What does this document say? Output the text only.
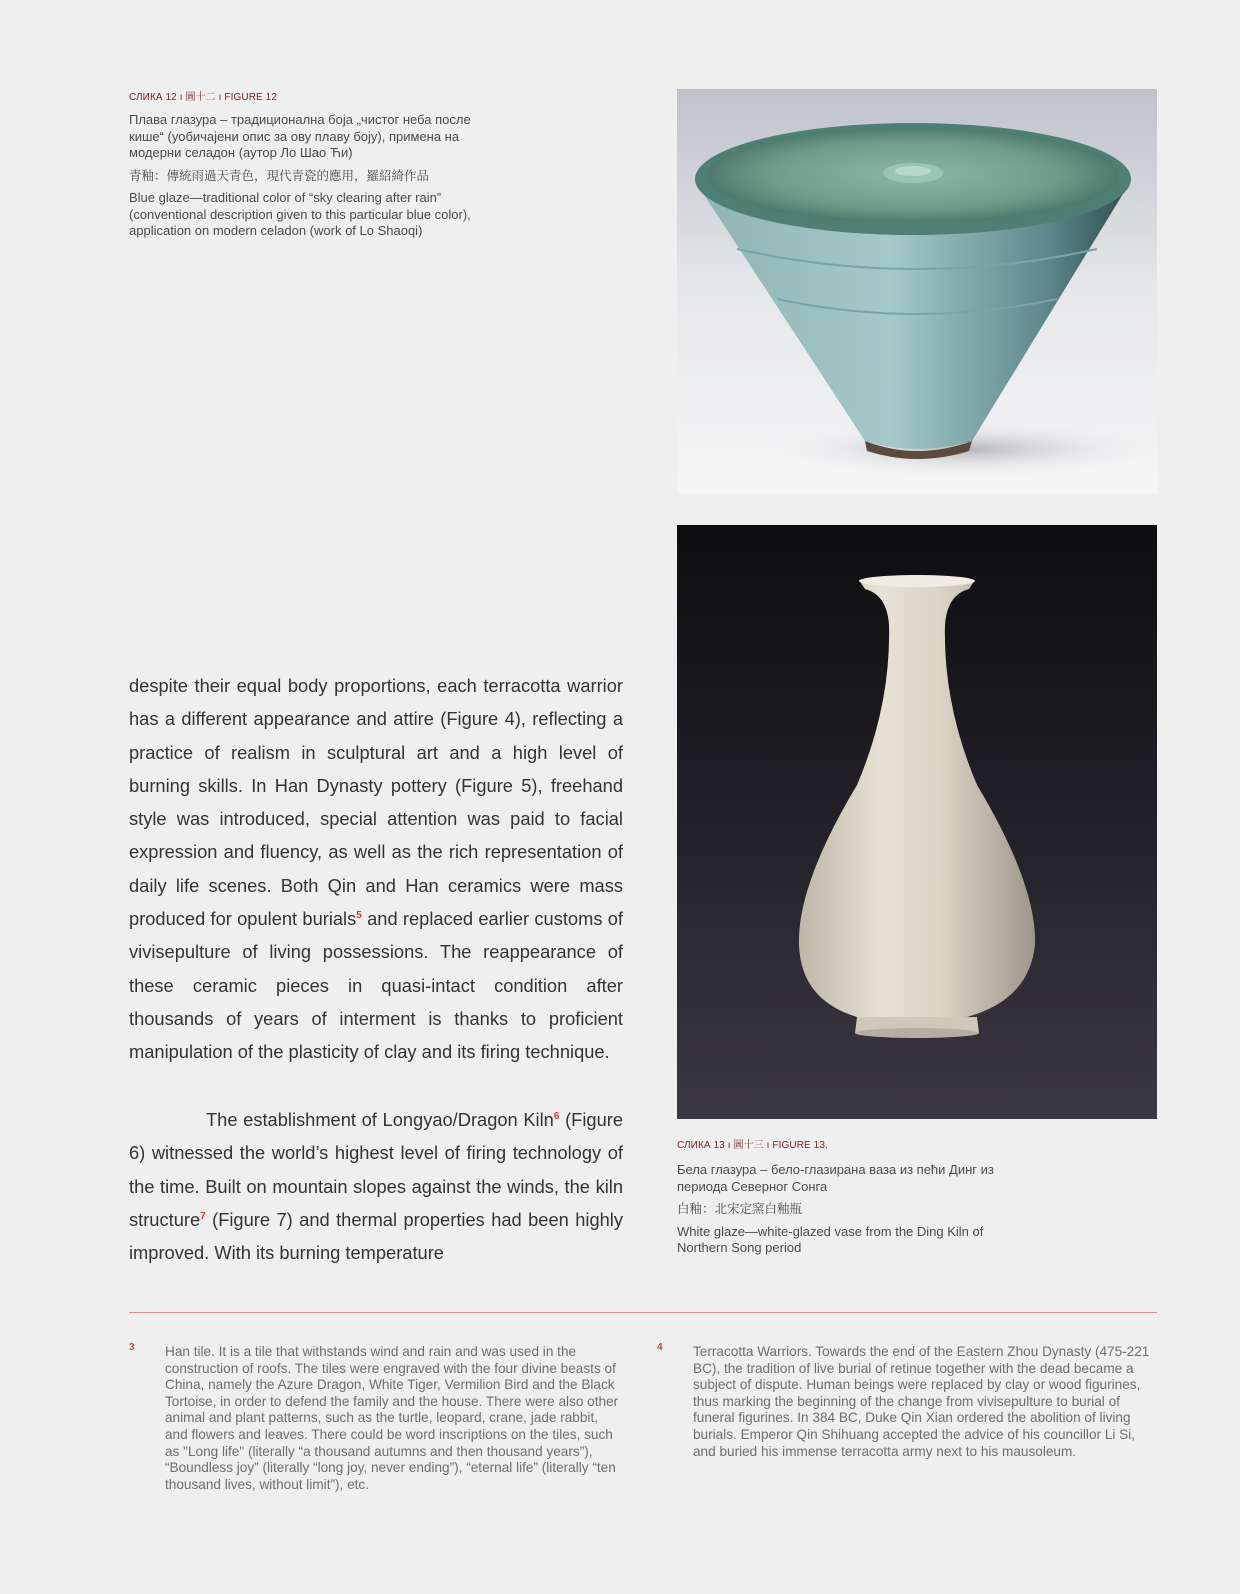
СЛИКА 12 ı 圖十二 ı FIGURE 12

Плава глазура – традиционална боја „чистог неба после кише“ (уобичајени опис за ову плаву боју), примена на модерни селадон (аутор Ло Шао Ћи)

青釉：傳統雨過天青色，現代青瓷的應用，羅紹綺作品

Blue glaze—traditional color of “sky clearing after rain” (conventional description given to this particular blue color), application on modern celadon (work of Lo Shaoqi)

СЛИКА 13 ı 圖十三 ı FIGURE 13.

Бела глазура – бело-глазирана ваза из пећи Динг из периода Северног Сонга

白釉：北宋定窯白釉瓶

White glaze—white-glazed vase from the Ding Kiln of Northern Song period

despite their equal body proportions, each terracotta warrior has a different appearance and attire (Figure 4), reflecting a practice of realism in sculptural art and a high level of burning skills. In Han Dynasty pottery (Figure 5), freehand style was introduced, special attention was paid to facial expression and fluency, as well as the rich representation of daily life scenes. Both Qin and Han ceramics were mass produced for opulent burials$^5$ and replaced earlier customs of vivisepulture of living possessions. The reappearance of these ceramic pieces in quasi-intact condition after thousands of years of interment is thanks to proficient manipulation of the plasticity of clay and its firing technique.

The establishment of Longyao/Dragon Kiln$^6$ (Figure 6) witnessed the world’s highest level of firing technology of the time. Built on mountain slopes against the winds, the kiln structure$^7$ (Figure 7) and thermal properties had been highly improved. With its burning temperature

3 Han tile. It is a tile that withstands wind and rain and was used in the construction of roofs. The tiles were engraved with the four divine beasts of China, namely the Azure Dragon, White Tiger, Vermilion Bird and the Black Tortoise, in order to defend the family and the house. There were also other animal and plant patterns, such as the turtle, leopard, crane, jade rabbit, and flowers and leaves. There could be word inscriptions on the tiles, such as "Long life" (literally “a thousand autumns and then thousand years”), “Boundless joy” (literally “long joy, never ending”), “eternal life” (literally “ten thousand lives, without limit”), etc.
4 Terracotta Warriors. Towards the end of the Eastern Zhou Dynasty (475-221 BC), the tradition of live burial of retinue together with the dead became a subject of dispute. Human beings were replaced by clay or wood figurines, thus marking the beginning of the change from vivisepulture to burial of funeral figurines. In 384 BC, Duke Qin Xian ordered the abolition of living burials. Emperor Qin Shihuang accepted the advice of his councillor Li Si, and buried his immense terracotta army next to his mausoleum.
